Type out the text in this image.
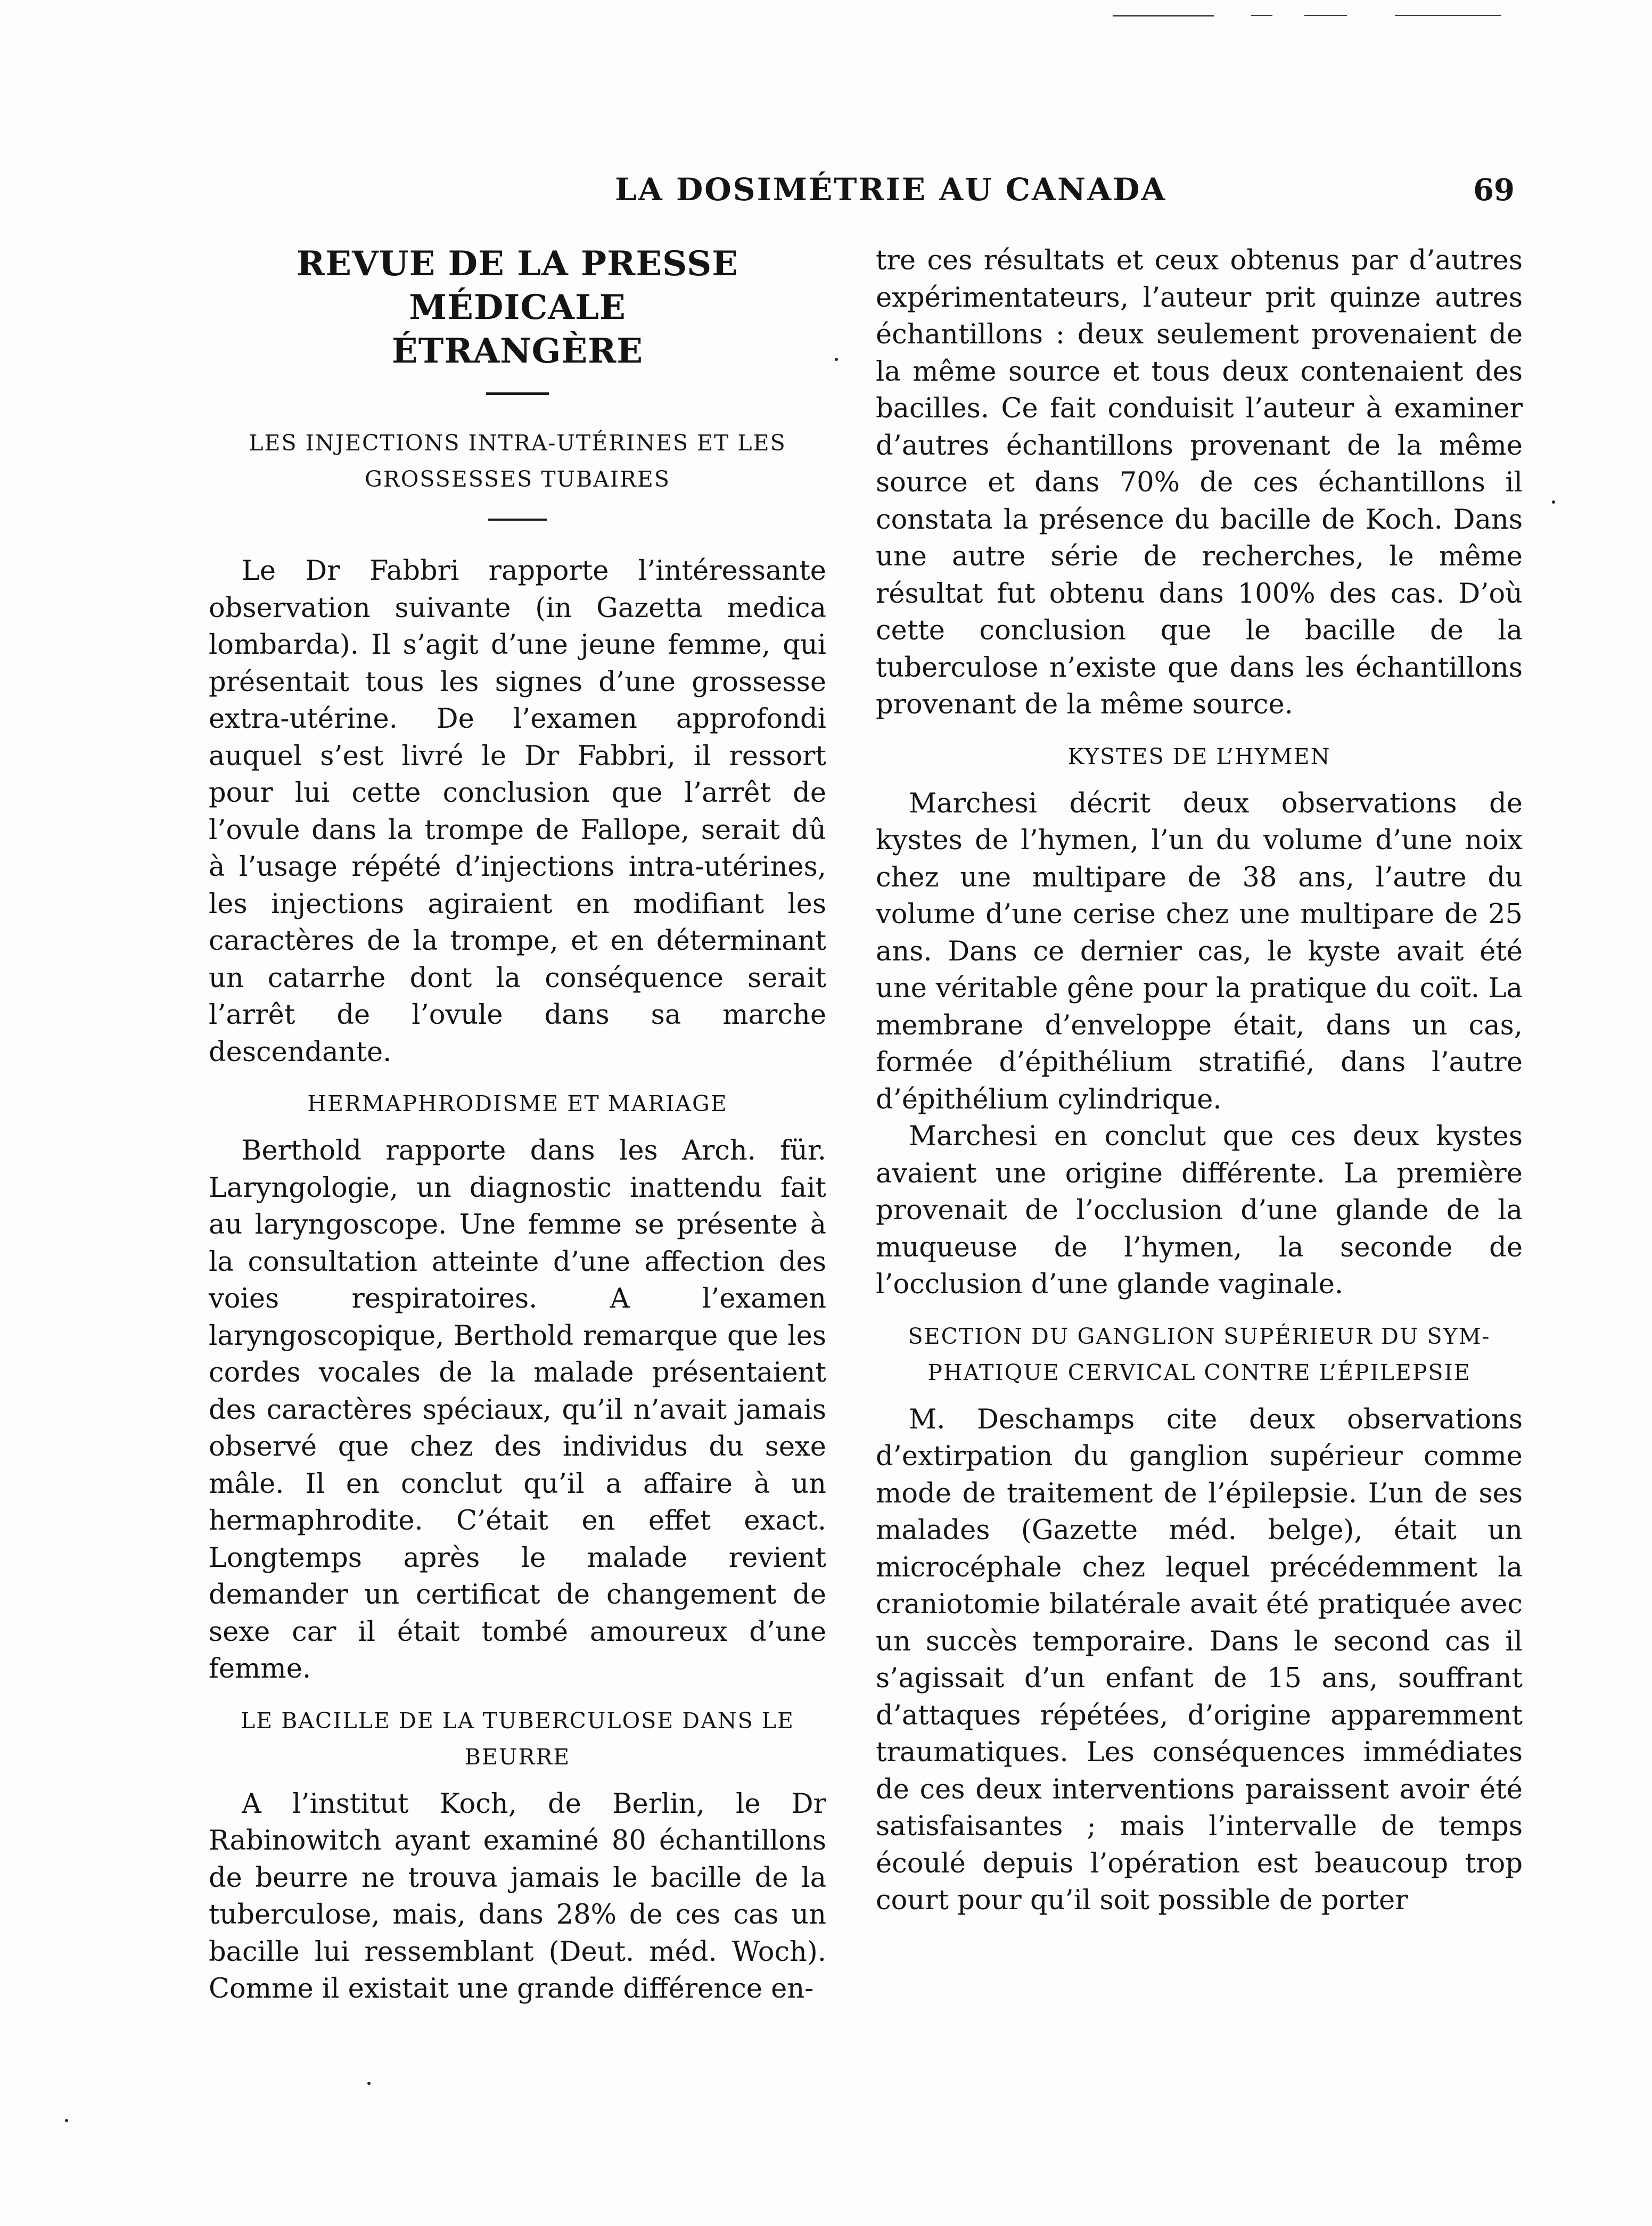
LA DOSIMÉTRIE AU CANADA	69
REVUE DE LA PRESSE MÉDICALE
ÉTRANGÈRE
LES INJECTIONS INTRA-UTÉRINES ET LES
GROSSESSES TUBAIRES

Le Dr Fabbri rapporte l’intéressante observation suivante (in Gazetta medica lombarda). Il s’agit d’une jeune femme, qui présentait tous les signes d’une grossesse extra-utérine. De l’examen approfondi auquel s’est livré le Dr Fabbri, il ressort pour lui cette conclusion que l’arrêt de l’ovule dans la trompe de Fallope, serait dû à l’usage répété d’injections intra-utérines, les injections agiraient en modifiant les caractères de la trompe, et en déterminant un catarrhe dont la conséquence serait l’arrêt de l’ovule dans sa marche descendante.

HERMAPHRODISME ET MARIAGE

Berthold rapporte dans les Arch. für. Laryngologie, un diagnostic inattendu fait au laryngoscope. Une femme se présente à la consultation atteinte d’une affection des voies respiratoires. A l’examen laryngoscopique, Berthold remarque que les cordes vocales de la malade présentaient des caractères spéciaux, qu’il n’avait jamais observé que chez des individus du sexe mâle. Il en conclut qu’il a affaire à un hermaphrodite. C’était en effet exact. Longtemps après le malade revient demander un certificat de changement de sexe car il était tombé amoureux d’une femme.

LE BACILLE DE LA TUBERCULOSE DANS LE
BEURRE

A l’institut Koch, de Berlin, le Dr Rabinowitch ayant examiné 80 échantillons de beurre ne trouva jamais le bacille de la tuberculose, mais, dans 28% de ces cas un bacille lui ressemblant (Deut. méd. Woch). Comme il existait une grande différence en-

tre ces résultats et ceux obtenus par d’autres expérimentateurs, l’auteur prit quinze autres échantillons : deux seulement provenaient de la même source et tous deux contenaient des bacilles. Ce fait conduisit l’auteur à examiner d’autres échantillons provenant de la même source et dans 70% de ces échantillons il constata la présence du bacille de Koch. Dans une autre série de recherches, le même résultat fut obtenu dans 100% des cas. D’où cette conclusion que le bacille de la tuberculose n’existe que dans les échantillons provenant de la même source.

KYSTES DE L’HYMEN

Marchesi décrit deux observations de kystes de l’hymen, l’un du volume d’une noix chez une multipare de 38 ans, l’autre du volume d’une cerise chez une multipare de 25 ans. Dans ce dernier cas, le kyste avait été une véritable gêne pour la pratique du coït. La membrane d’enveloppe était, dans un cas, formée d’épithélium stratifié, dans l’autre d’épithélium cylindrique.

Marchesi en conclut que ces deux kystes avaient une origine différente. La première provenait de l’occlusion d’une glande de la muqueuse de l’hymen, la seconde de l’occlusion d’une glande vaginale.

SECTION DU GANGLION SUPÉRIEUR DU SYM-
PHATIQUE CERVICAL CONTRE L’ÉPILEPSIE

M. Deschamps cite deux observations d’extirpation du ganglion supérieur comme mode de traitement de l’épilepsie. L’un de ses malades (Gazette méd. belge), était un microcéphale chez lequel précédemment la craniotomie bilatérale avait été pratiquée avec un succès temporaire. Dans le second cas il s’agissait d’un enfant de 15 ans, souffrant d’attaques répétées, d’origine apparemment traumatiques. Les conséquences immédiates de ces deux interventions paraissent avoir été satisfaisantes ; mais l’intervalle de temps écoulé depuis l’opération est beaucoup trop court pour qu’il soit possible de porter
